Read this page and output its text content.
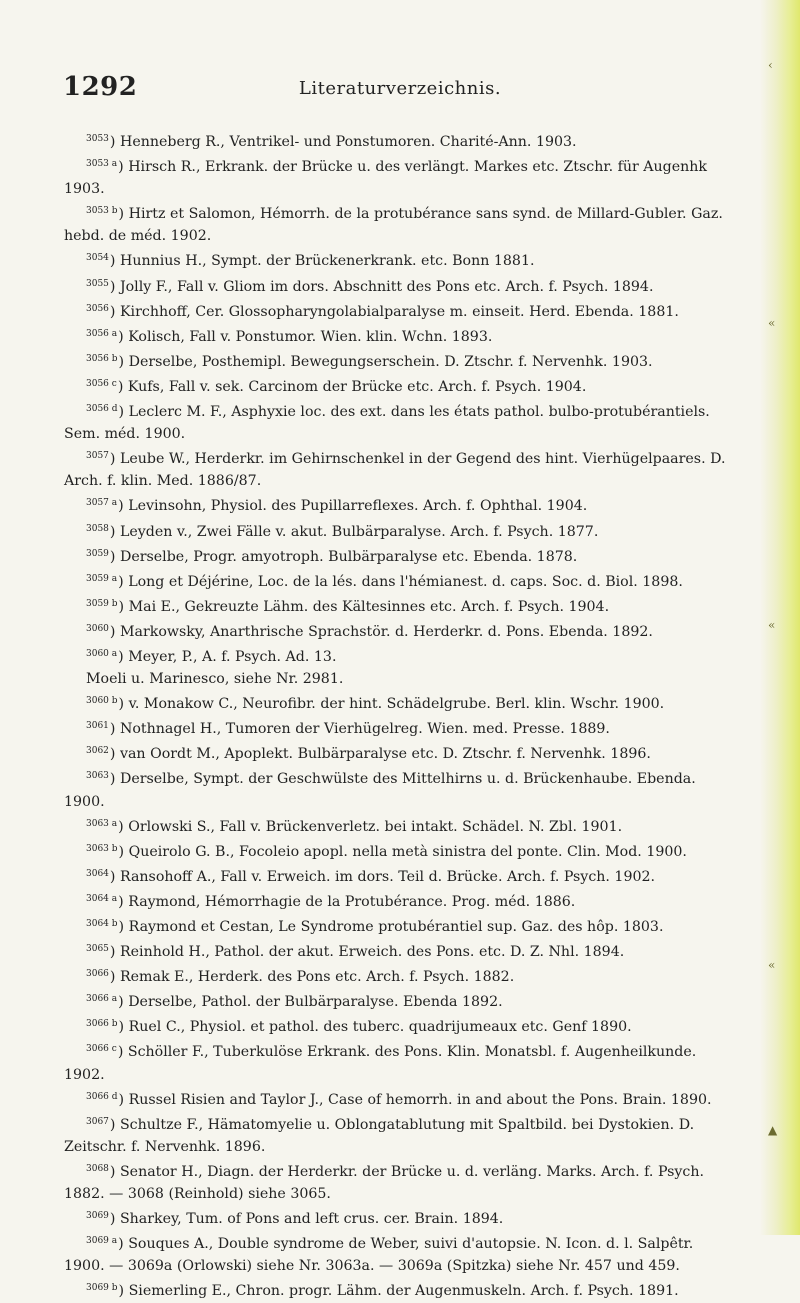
1292	Literaturverzeichnis.

$^{3053}$) Henneberg R., Ventrikel- und Ponstumoren. Charité-Ann. 1903.

$^{3053 a}$) Hirsch R., Erkrank. der Brücke u. des verlängt. Markes etc. Ztschr. für Augenhk 1903.

$^{3053 b}$) Hirtz et Salomon, Hémorrh. de la protubérance sans synd. de Millard-Gubler. Gaz. hebd. de méd. 1902.

$^{3054}$) Hunnius H., Sympt. der Brückenerkrank. etc. Bonn 1881.

$^{3055}$) Jolly F., Fall v. Gliom im dors. Abschnitt des Pons etc. Arch. f. Psych. 1894.

$^{3056}$) Kirchhoff, Cer. Glossopharyngolabialparalyse m. einseit. Herd. Ebenda. 1881.

$^{3056 a}$) Kolisch, Fall v. Ponstumor. Wien. klin. Wchn. 1893.

$^{3056 b}$) Derselbe, Posthemipl. Bewegungserschein. D. Ztschr. f. Nervenhk. 1903.

$^{3056 c}$) Kufs, Fall v. sek. Carcinom der Brücke etc. Arch. f. Psych. 1904.

$^{3056 d}$) Leclerc M. F., Asphyxie loc. des ext. dans les états pathol. bulbo-protubérantiels. Sem. méd. 1900.

$^{3057}$) Leube W., Herderkr. im Gehirnschenkel in der Gegend des hint. Vierhügelpaares. D. Arch. f. klin. Med. 1886/87.

$^{3057 a}$) Levinsohn, Physiol. des Pupillarreflexes. Arch. f. Ophthal. 1904.

$^{3058}$) Leyden v., Zwei Fälle v. akut. Bulbärparalyse. Arch. f. Psych. 1877.

$^{3059}$) Derselbe, Progr. amyotroph. Bulbärparalyse etc. Ebenda. 1878.

$^{3059 a}$) Long et Déjérine, Loc. de la lés. dans l'hémianest. d. caps. Soc. d. Biol. 1898.

$^{3059 b}$) Mai E., Gekreuzte Lähm. des Kältesinnes etc. Arch. f. Psych. 1904.

$^{3060}$) Markowsky, Anarthrische Sprachstör. d. Herderkr. d. Pons. Ebenda. 1892.

$^{3060 a}$) Meyer, P., A. f. Psych. Ad. 13.

Moeli u. Marinesco, siehe Nr. 2981.

$^{3060 b}$) v. Monakow C., Neurofibr. der hint. Schädelgrube. Berl. klin. Wschr. 1900.

$^{3061}$) Nothnagel H., Tumoren der Vierhügelreg. Wien. med. Presse. 1889.

$^{3062}$) van Oordt M., Apoplekt. Bulbärparalyse etc. D. Ztschr. f. Nervenhk. 1896.

$^{3063}$) Derselbe, Sympt. der Geschwülste des Mittelhirns u. d. Brückenhaube. Ebenda. 1900.

$^{3063 a}$) Orlowski S., Fall v. Brückenverletz. bei intakt. Schädel. N. Zbl. 1901.

$^{3063 b}$) Queirolo G. B., Focoleio apopl. nella metà sinistra del ponte. Clin. Mod. 1900.

$^{3064}$) Ransohoff A., Fall v. Erweich. im dors. Teil d. Brücke. Arch. f. Psych. 1902.

$^{3064 a}$) Raymond, Hémorrhagie de la Protubérance. Prog. méd. 1886.

$^{3064 b}$) Raymond et Cestan, Le Syndrome protubérantiel sup. Gaz. des hôp. 1803.

$^{3065}$) Reinhold H., Pathol. der akut. Erweich. des Pons. etc. D. Z. Nhl. 1894.

$^{3066}$) Remak E., Herderk. des Pons etc. Arch. f. Psych. 1882.

$^{3066 a}$) Derselbe, Pathol. der Bulbärparalyse. Ebenda 1892.

$^{3066 b}$) Ruel C., Physiol. et pathol. des tuberc. quadrijumeaux etc. Genf 1890.

$^{3066 c}$) Schöller F., Tuberkulöse Erkrank. des Pons. Klin. Monatsbl. f. Augenheilkunde. 1902.

$^{3066 d}$) Russel Risien and Taylor J., Case of hemorrh. in and about the Pons. Brain. 1890.

$^{3067}$) Schultze F., Hämatomyelie u. Oblongatablutung mit Spaltbild. bei Dystokien. D. Zeitschr. f. Nervenhk. 1896.

$^{3068}$) Senator H., Diagn. der Herderkr. der Brücke u. d. verläng. Marks. Arch. f. Psych. 1882. — 3068 (Reinhold) siehe 3065.

$^{3069}$) Sharkey, Tum. of Pons and left crus. cer. Brain. 1894.

$^{3069 a}$) Souques A., Double syndrome de Weber, suivi d'autopsie. N. Icon. d. l. Salpêtr. 1900. — 3069a (Orlowski) siehe Nr. 3063a. — 3069a (Spitzka) siehe Nr. 457 und 459.

$^{3069 b}$) Siemerling E., Chron. progr. Lähm. der Augenmuskeln. Arch. f. Psych. 1891.

‹
«
«
«
▲
